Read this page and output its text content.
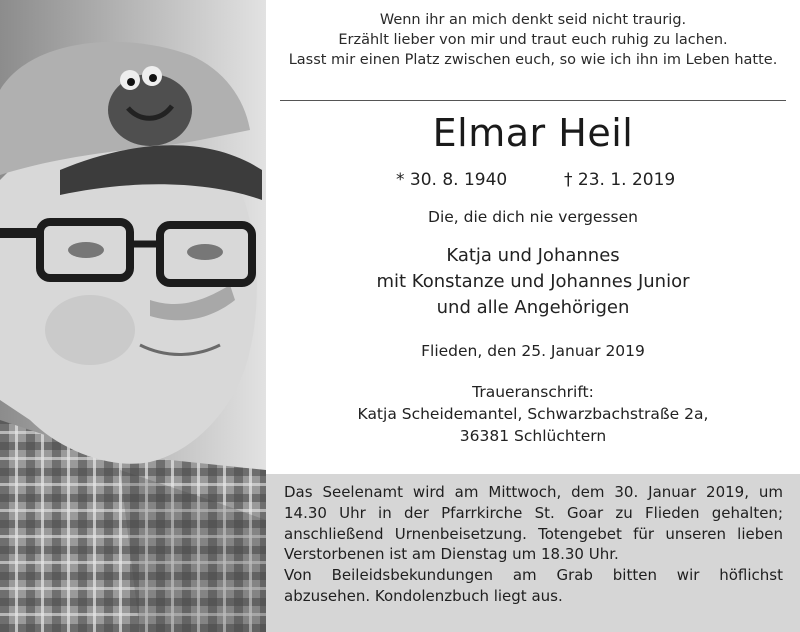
Wenn ihr an mich denkt seid nicht traurig.
Erzählt lieber von mir und traut euch ruhig zu lachen.
Lasst mir einen Platz zwischen euch, so wie ich ihn im Leben hatte.
Elmar Heil
* 30. 8. 1940	† 23. 1. 2019
Die, die dich nie vergessen
Katja und Johannes
mit Konstanze und Johannes Junior
und alle Angehörigen
Flieden, den 25. Januar 2019
Traueranschrift:
Katja Scheidemantel, Schwarzbachstraße 2a,
36381 Schlüchtern

Das Seelenamt wird am Mittwoch, dem 30. Januar 2019, um 14.30 Uhr in der Pfarrkirche St. Goar zu Flieden gehalten; anschließend Urnenbeisetzung. Totengebet für unseren lieben Verstorbenen ist am Dienstag um 18.30 Uhr.

Von Beileidsbekundungen am Grab bitten wir höflichst abzusehen. Kondolenzbuch liegt aus.
